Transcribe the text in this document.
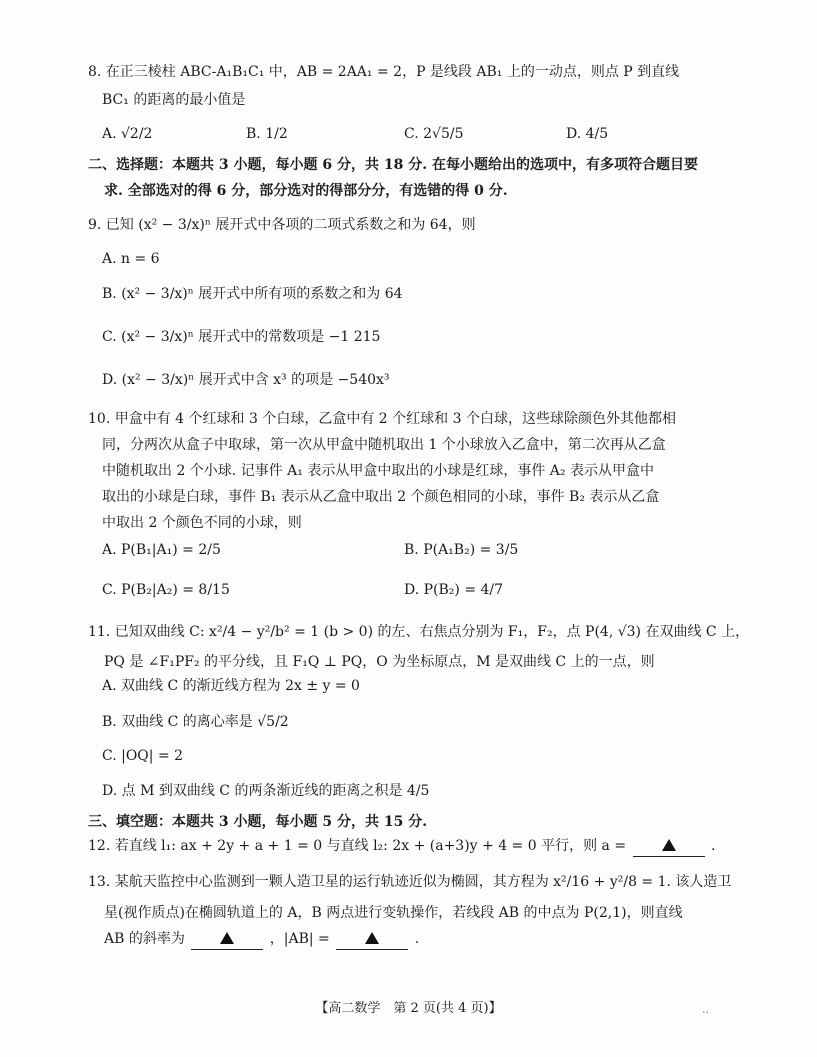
8. 在正三棱柱 ABC-A₁B₁C₁ 中，AB = 2AA₁ = 2，P 是线段 AB₁ 上的一动点，则点 P 到直线
BC₁ 的距离的最小值是
A. √2/2	B. 1/2	C. 2√5/5	D. 4/5
二、选择题：本题共 3 小题，每小题 6 分，共 18 分. 在每小题给出的选项中，有多项符合题目要
求. 全部选对的得 6 分，部分选对的得部分分，有选错的得 0 分.
9. 已知 (x² − 3/x)ⁿ 展开式中各项的二项式系数之和为 64，则
A. n = 6
B. (x² − 3/x)ⁿ 展开式中所有项的系数之和为 64
C. (x² − 3/x)ⁿ 展开式中的常数项是 −1 215
D. (x² − 3/x)ⁿ 展开式中含 x³ 的项是 −540x³
10. 甲盒中有 4 个红球和 3 个白球，乙盒中有 2 个红球和 3 个白球，这些球除颜色外其他都相
同，分两次从盒子中取球，第一次从甲盒中随机取出 1 个小球放入乙盒中，第二次再从乙盒
中随机取出 2 个小球. 记事件 A₁ 表示从甲盒中取出的小球是红球，事件 A₂ 表示从甲盒中
取出的小球是白球，事件 B₁ 表示从乙盒中取出 2 个颜色相同的小球，事件 B₂ 表示从乙盒
中取出 2 个颜色不同的小球，则
A. P(B₁|A₁) = 2/5	B. P(A₁B₂) = 3/5
C. P(B₂|A₂) = 8/15	D. P(B₂) = 4/7
11. 已知双曲线 C: x²/4 − y²/b² = 1 (b > 0) 的左、右焦点分别为 F₁，F₂，点 P(4, √3) 在双曲线 C 上，
PQ 是 ∠F₁PF₂ 的平分线，且 F₁Q ⊥ PQ，O 为坐标原点，M 是双曲线 C 上的一点，则
A. 双曲线 C 的渐近线方程为 2x ± y = 0
B. 双曲线 C 的离心率是 √5/2
C. |OQ| = 2
D. 点 M 到双曲线 C 的两条渐近线的距离之积是 4/5
三、填空题：本题共 3 小题，每小题 5 分，共 15 分.
12. 若直线 l₁: ax + 2y + a + 1 = 0 与直线 l₂: 2x + (a+3)y + 4 = 0 平行，则 a =	.
13. 某航天监控中心监测到一颗人造卫星的运行轨迹近似为椭圆，其方程为 x²/16 + y²/8 = 1. 该人造卫
星(视作质点)在椭圆轨道上的 A，B 两点进行变轨操作，若线段 AB 的中点为 P(2,1)，则直线
AB 的斜率为	，|AB| =	.
【高二数学　第 2 页(共 4 页)】	..
